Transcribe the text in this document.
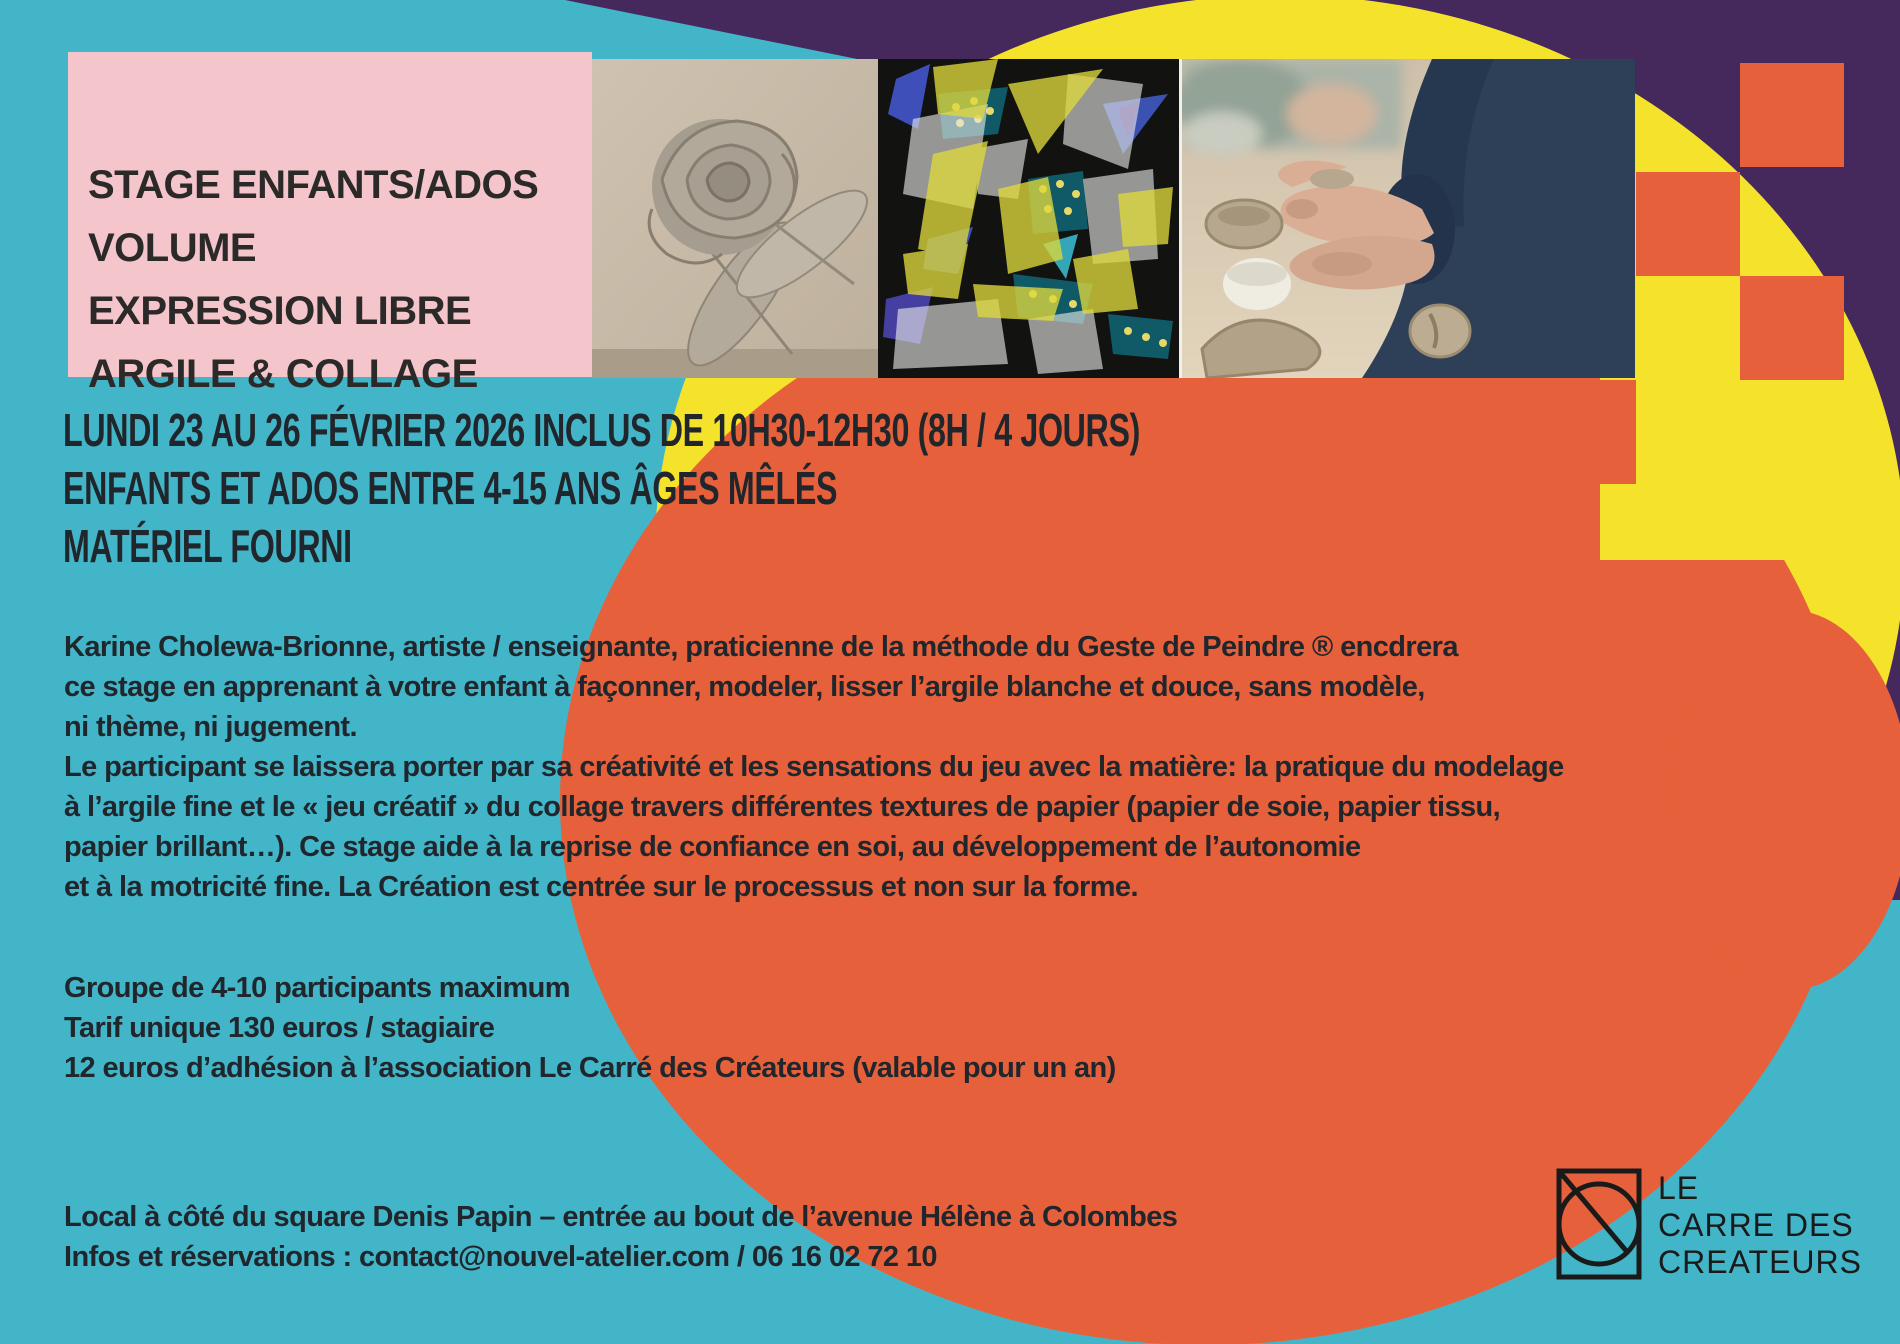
STAGE ENFANTS/ADOS
VOLUME
EXPRESSION LIBRE
ARGILE & COLLAGE
LUNDI 23 AU 26 FÉVRIER 2026 INCLUS DE 10H30-12H30 (8H / 4 JOURS)
ENFANTS ET ADOS ENTRE 4-15 ANS ÂGES MÊLÉS
MATÉRIEL FOURNI
Karine Cholewa-Brionne, artiste / enseignante, praticienne de la méthode du Geste de Peindre ® encdrera
ce stage en apprenant à votre enfant à façonner, modeler, lisser l’argile blanche et douce, sans modèle,
ni thème, ni jugement.
Le participant se laissera porter par sa créativité et les sensations du jeu avec la matière: la pratique du modelage
à l’argile fine et le « jeu créatif » du collage travers différentes textures de papier (papier de soie, papier tissu,
papier brillant…). Ce stage aide à la reprise de confiance en soi, au développement de l’autonomie
et à la motricité fine. La Création est centrée sur le processus et non sur la forme.
Groupe de 4-10 participants maximum
Tarif unique 130 euros / stagiaire
12 euros d’adhésion à l’association Le Carré des Créateurs (valable pour un an)
Local à côté du square Denis Papin – entrée au bout de l’avenue Hélène à Colombes
Infos et réservations : contact@nouvel-atelier.com / 06 16 02 72 10
LE
CARRE DES
CREATEURS
